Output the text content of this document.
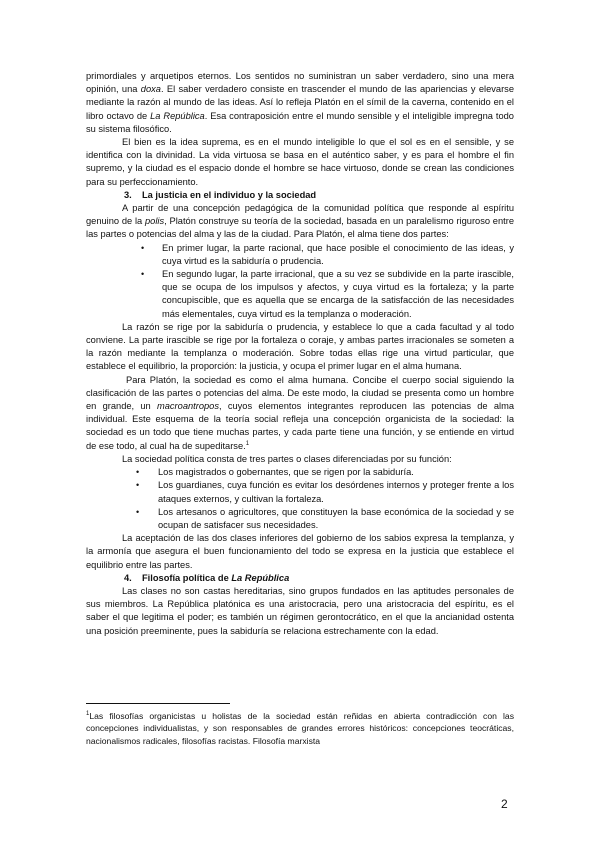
primordiales y arquetipos eternos. Los sentidos no suministran un saber verdadero, sino una mera opinión, una doxa. El saber verdadero consiste en trascender el mundo de las apariencias y elevarse mediante la razón al mundo de las ideas. Así lo refleja Platón en el símil de la caverna, contenido en el libro octavo de La República. Esa contraposición entre el mundo sensible y el inteligible impregna todo su sistema filosófico.

El bien es la idea suprema, es en el mundo inteligible lo que el sol es en el sensible, y se identifica con la divinidad. La vida virtuosa se basa en el auténtico saber, y es para el hombre el fin supremo, y la ciudad es el espacio donde el hombre se hace virtuoso, donde se crean las condiciones para su perfeccionamiento.

3. La justicia en el individuo y la sociedad

A partir de una concepción pedagógica de la comunidad política que responde al espíritu genuino de la polis, Platón construye su teoría de la sociedad, basada en un paralelismo riguroso entre las partes o potencias del alma y las de la ciudad. Para Platón, el alma tiene dos partes:

• En primer lugar, la parte racional, que hace posible el conocimiento de las ideas, y cuya virtud es la sabiduría o prudencia.

• En segundo lugar, la parte irracional, que a su vez se subdivide en la parte irascible, que se ocupa de los impulsos y afectos, y cuya virtud es la fortaleza; y la parte concupiscible, que es aquella que se encarga de la satisfacción de las necesidades más elementales, cuya virtud es la templanza o moderación.

La razón se rige por la sabiduría o prudencia, y establece lo que a cada facultad y al todo conviene. La parte irascible se rige por la fortaleza o coraje, y ambas partes irracionales se someten a la razón mediante la templanza o moderación. Sobre todas ellas rige una virtud particular, que establece el equilibrio, la proporción: la justicia, y ocupa el primer lugar en el alma humana.

Para Platón, la sociedad es como el alma humana. Concibe el cuerpo social siguiendo la clasificación de las partes o potencias del alma. De este modo, la ciudad se presenta como un hombre en grande, un macroantropos, cuyos elementos integrantes reproducen las potencias de alma individual. Este esquema de la teoría social refleja una concepción organicista de la sociedad: la sociedad es un todo que tiene muchas partes, y cada parte tiene una función, y se entiende en virtud de ese todo, al cual ha de supeditarse.$^1$

La sociedad política consta de tres partes o clases diferenciadas por su función:

• Los magistrados o gobernantes, que se rigen por la sabiduría.

• Los guardianes, cuya función es evitar los desórdenes internos y proteger frente a los ataques externos, y cultivan la fortaleza.

• Los artesanos o agricultores, que constituyen la base económica de la sociedad y se ocupan de satisfacer sus necesidades.

La aceptación de las dos clases inferiores del gobierno de los sabios expresa la templanza, y la armonía que asegura el buen funcionamiento del todo se expresa en la justicia que establece el equilibrio entre las partes.

4. Filosofía política de La República

Las clases no son castas hereditarias, sino grupos fundados en las aptitudes personales de sus miembros. La República platónica es una aristocracia, pero una aristocracia del espíritu, es el saber el que legitima el poder; es también un régimen gerontocrático, en el que la ancianidad ostenta una posición preeminente, pues la sabiduría se relaciona estrechamente con la edad.

$^1$Las filosofías organicistas u holistas de la sociedad están reñidas en abierta contradicción con las concepciones individualistas, y son responsables de grandes errores históricos: concepciones teocráticas, nacionalismos radicales, filosofías racistas. Filosofía marxista

2
